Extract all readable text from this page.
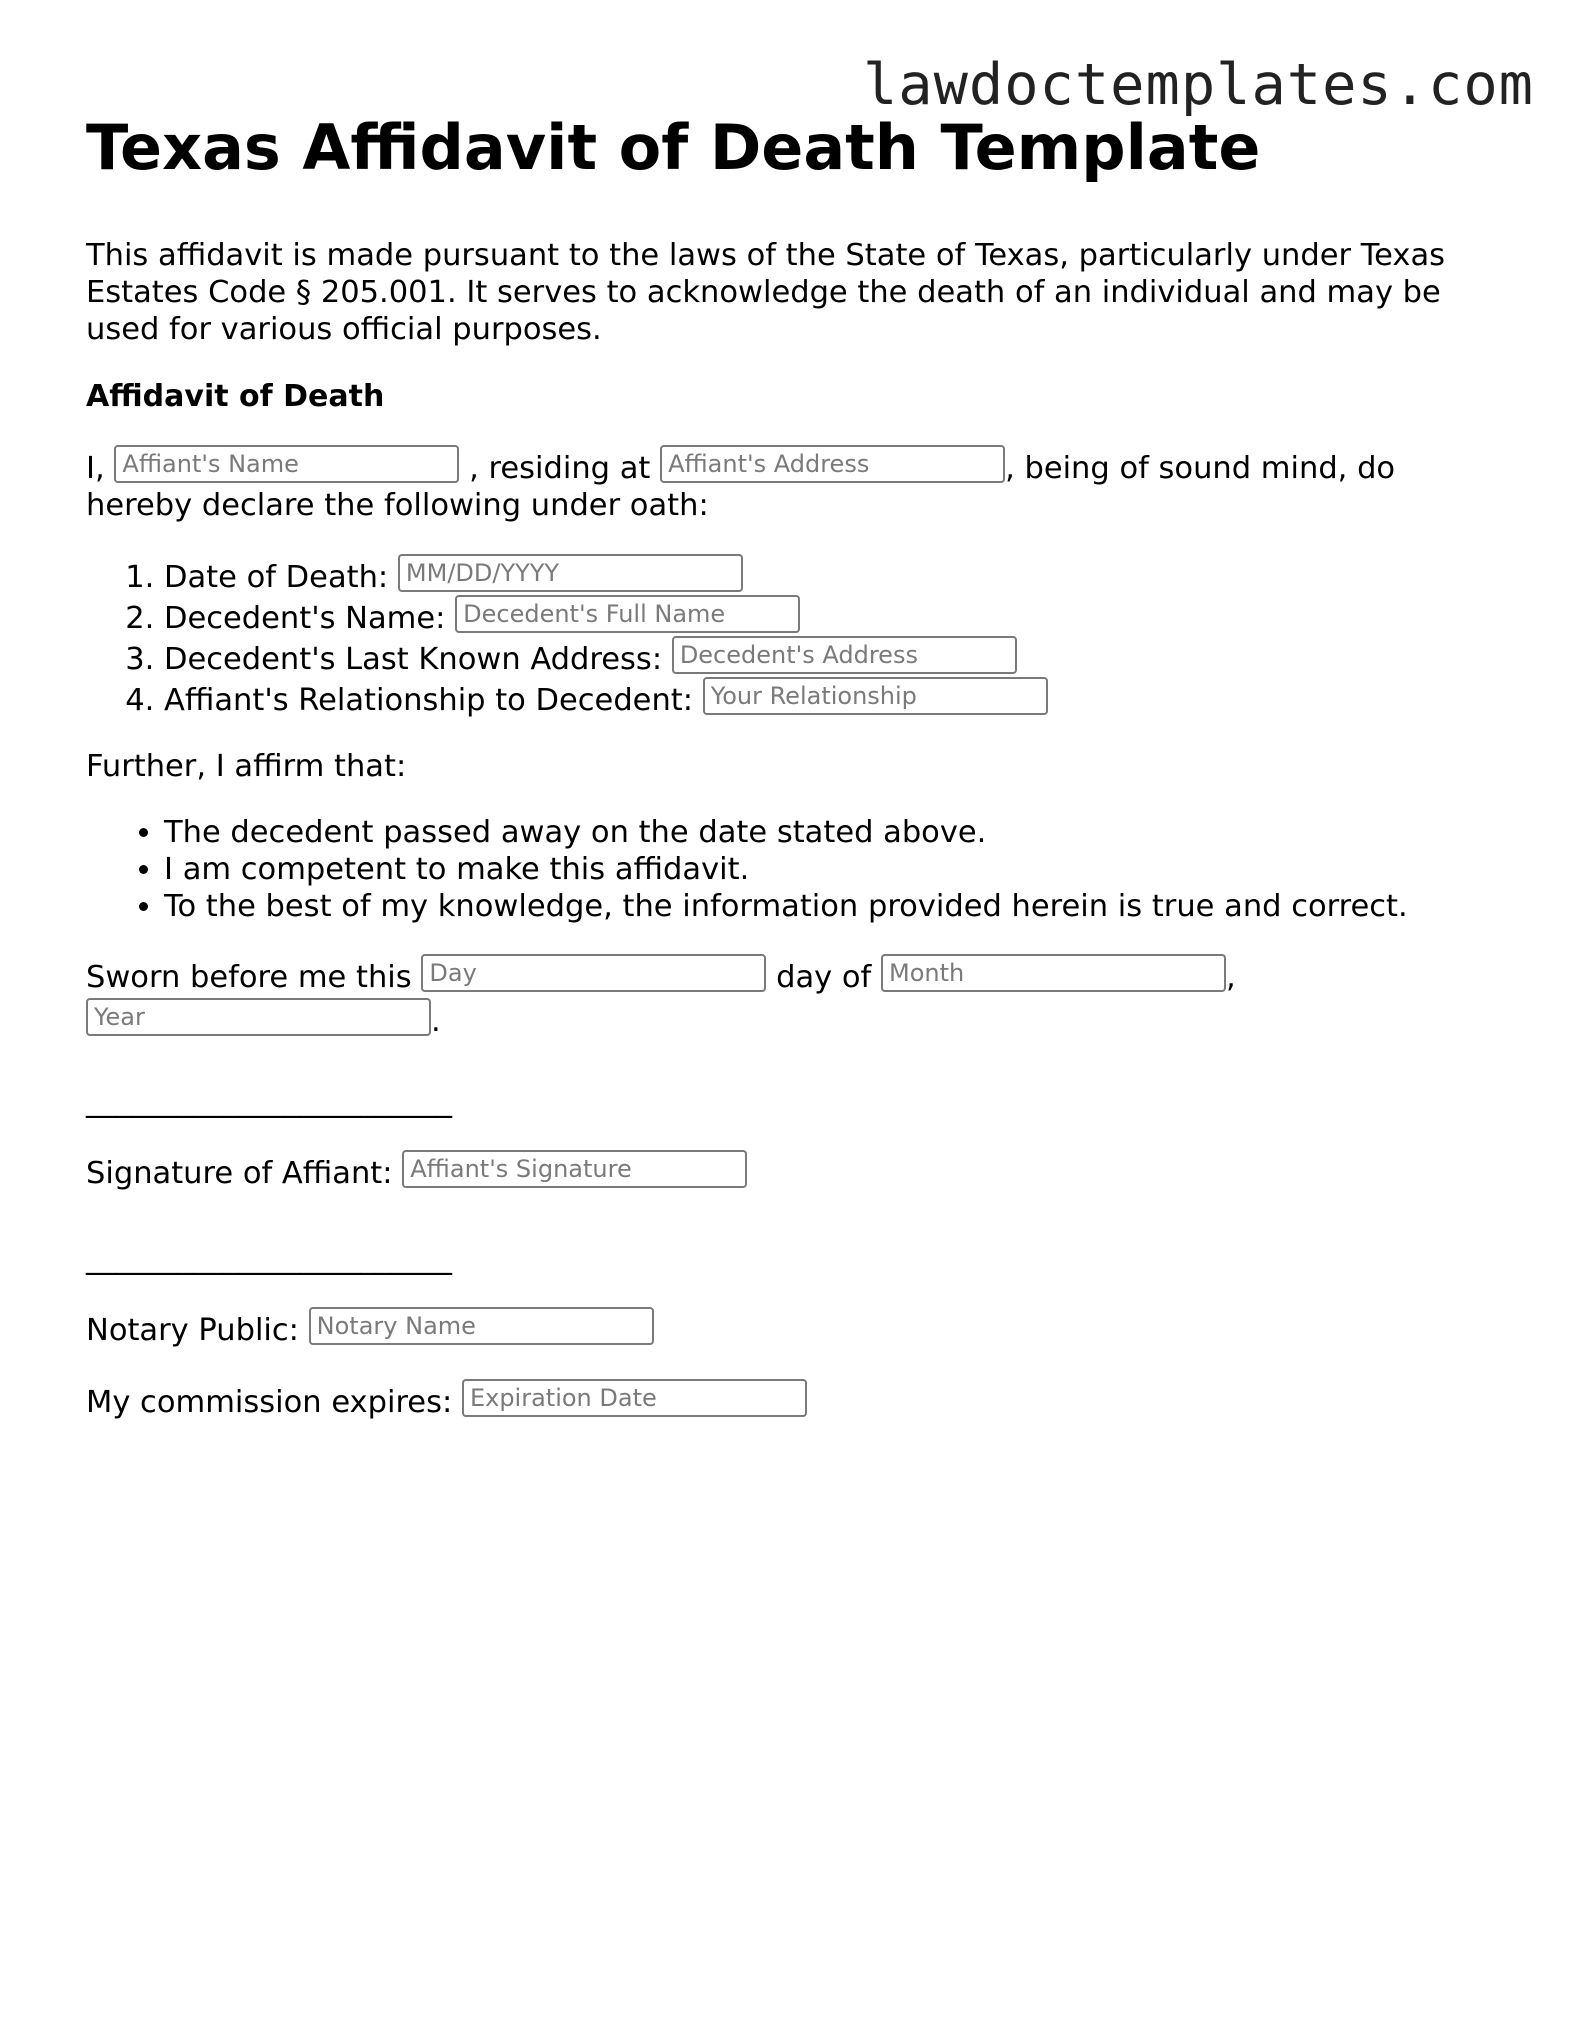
lawdoctemplates.com
Texas Affidavit of Death Template

This affidavit is made pursuant to the laws of the State of Texas, particularly under Texas Estates Code § 205.001. It serves to acknowledge the death of an individual and may be used for various official purposes.

Affidavit of Death

I, Affiant's Name	, residing at Affiant's Address	, being of sound mind, do hereby declare the following under oath:

1. Date of Death: MM/DD/YYYY
2. Decedent's Name: Decedent's Full Name
3. Decedent's Last Known Address: Decedent's Address
4. Affiant's Relationship to Decedent: Your Relationship

Further, I affirm that:

• The decedent passed away on the date stated above.
• I am competent to make this affidavit.
• To the best of my knowledge, the information provided herein is true and correct.

Sworn before me this Day	day of Month	,
Year	.

________________________

Signature of Affiant: Affiant's Signature

________________________

Notary Public: Notary Name

My commission expires: Expiration Date
